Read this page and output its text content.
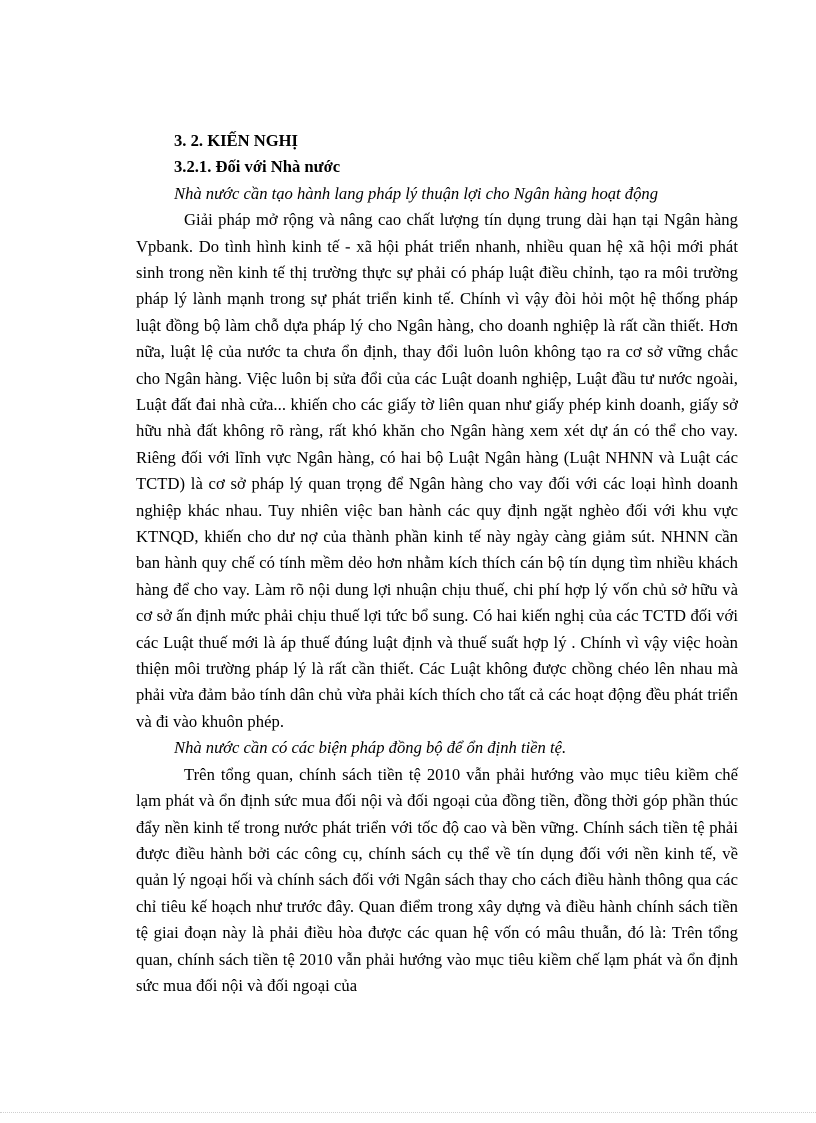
3. 2. KIẾN NGHỊ

3.2.1. Đối với Nhà nước

Nhà nước cần tạo hành lang pháp lý thuận lợi cho Ngân hàng hoạt động

Giải pháp mở rộng và nâng cao chất lượng tín dụng trung dài hạn tại Ngân hàng Vpbank. Do tình hình kinh tế - xã hội phát triển nhanh, nhiều quan hệ xã hội mới phát sinh trong nền kinh tế thị trường thực sự phải có pháp luật điều chỉnh, tạo ra môi trường pháp lý lành mạnh trong sự phát triển kinh tế. Chính vì vậy đòi hỏi một hệ thống pháp luật đồng bộ làm chỗ dựa pháp lý cho Ngân hàng, cho doanh nghiệp là rất cần thiết. Hơn nữa, luật lệ của nước ta chưa ổn định, thay đổi luôn luôn không tạo ra cơ sở vững chắc cho Ngân hàng. Việc luôn bị sửa đổi của các Luật doanh nghiệp, Luật đầu tư nước ngoài, Luật đất đai nhà cửa... khiến cho các giấy tờ liên quan như giấy phép kinh doanh, giấy sở hữu nhà đất không rõ ràng, rất khó khăn cho Ngân hàng xem xét dự án có thể cho vay. Riêng đối với lĩnh vực Ngân hàng, có hai bộ Luật Ngân hàng (Luật NHNN và Luật các TCTD) là cơ sở pháp lý quan trọng để Ngân hàng cho vay đối với các loại hình doanh nghiệp khác nhau. Tuy nhiên việc ban hành các quy định ngặt nghèo đối với khu vực KTNQD, khiến cho dư nợ của thành phần kinh tế này ngày càng giảm sút. NHNN cần ban hành quy chế có tính mềm dẻo hơn nhằm kích thích cán bộ tín dụng tìm nhiều khách hàng để cho vay. Làm rõ nội dung lợi nhuận chịu thuế, chi phí hợp lý vốn chủ sở hữu và cơ sở ấn định mức phải chịu thuế lợi tức bổ sung. Có hai kiến nghị của các TCTD đối với các Luật thuế mới là áp thuế đúng luật định và thuế suất hợp lý . Chính vì vậy việc hoàn thiện môi trường pháp lý là rất cần thiết. Các Luật không được chồng chéo lên nhau mà phải vừa đảm bảo tính dân chủ vừa phải kích thích cho tất cả các hoạt động đều phát triển và đi vào khuôn phép.

Nhà nước cần có các biện pháp đồng bộ để ổn định tiền tệ.

Trên tổng quan, chính sách tiền tệ 2010 vẫn phải hướng vào mục tiêu kiềm chế lạm phát và ổn định sức mua đối nội và đối ngoại của đồng tiền, đồng thời góp phần thúc đẩy nền kinh tế trong nước phát triển với tốc độ cao và bền vững. Chính sách tiền tệ phải được điều hành bởi các công cụ, chính sách cụ thể về tín dụng đối với nền kinh tế, về quản lý ngoại hối và chính sách đối với Ngân sách thay cho cách điều hành thông qua các chỉ tiêu kế hoạch như trước đây. Quan điểm trong xây dựng và điều hành chính sách tiền tệ giai đoạn này là phải điều hòa được các quan hệ vốn có mâu thuẫn, đó là: Trên tổng quan, chính sách tiền tệ 2010 vẫn phải hướng vào mục tiêu kiềm chế lạm phát và ổn định sức mua đối nội và đối ngoại của
